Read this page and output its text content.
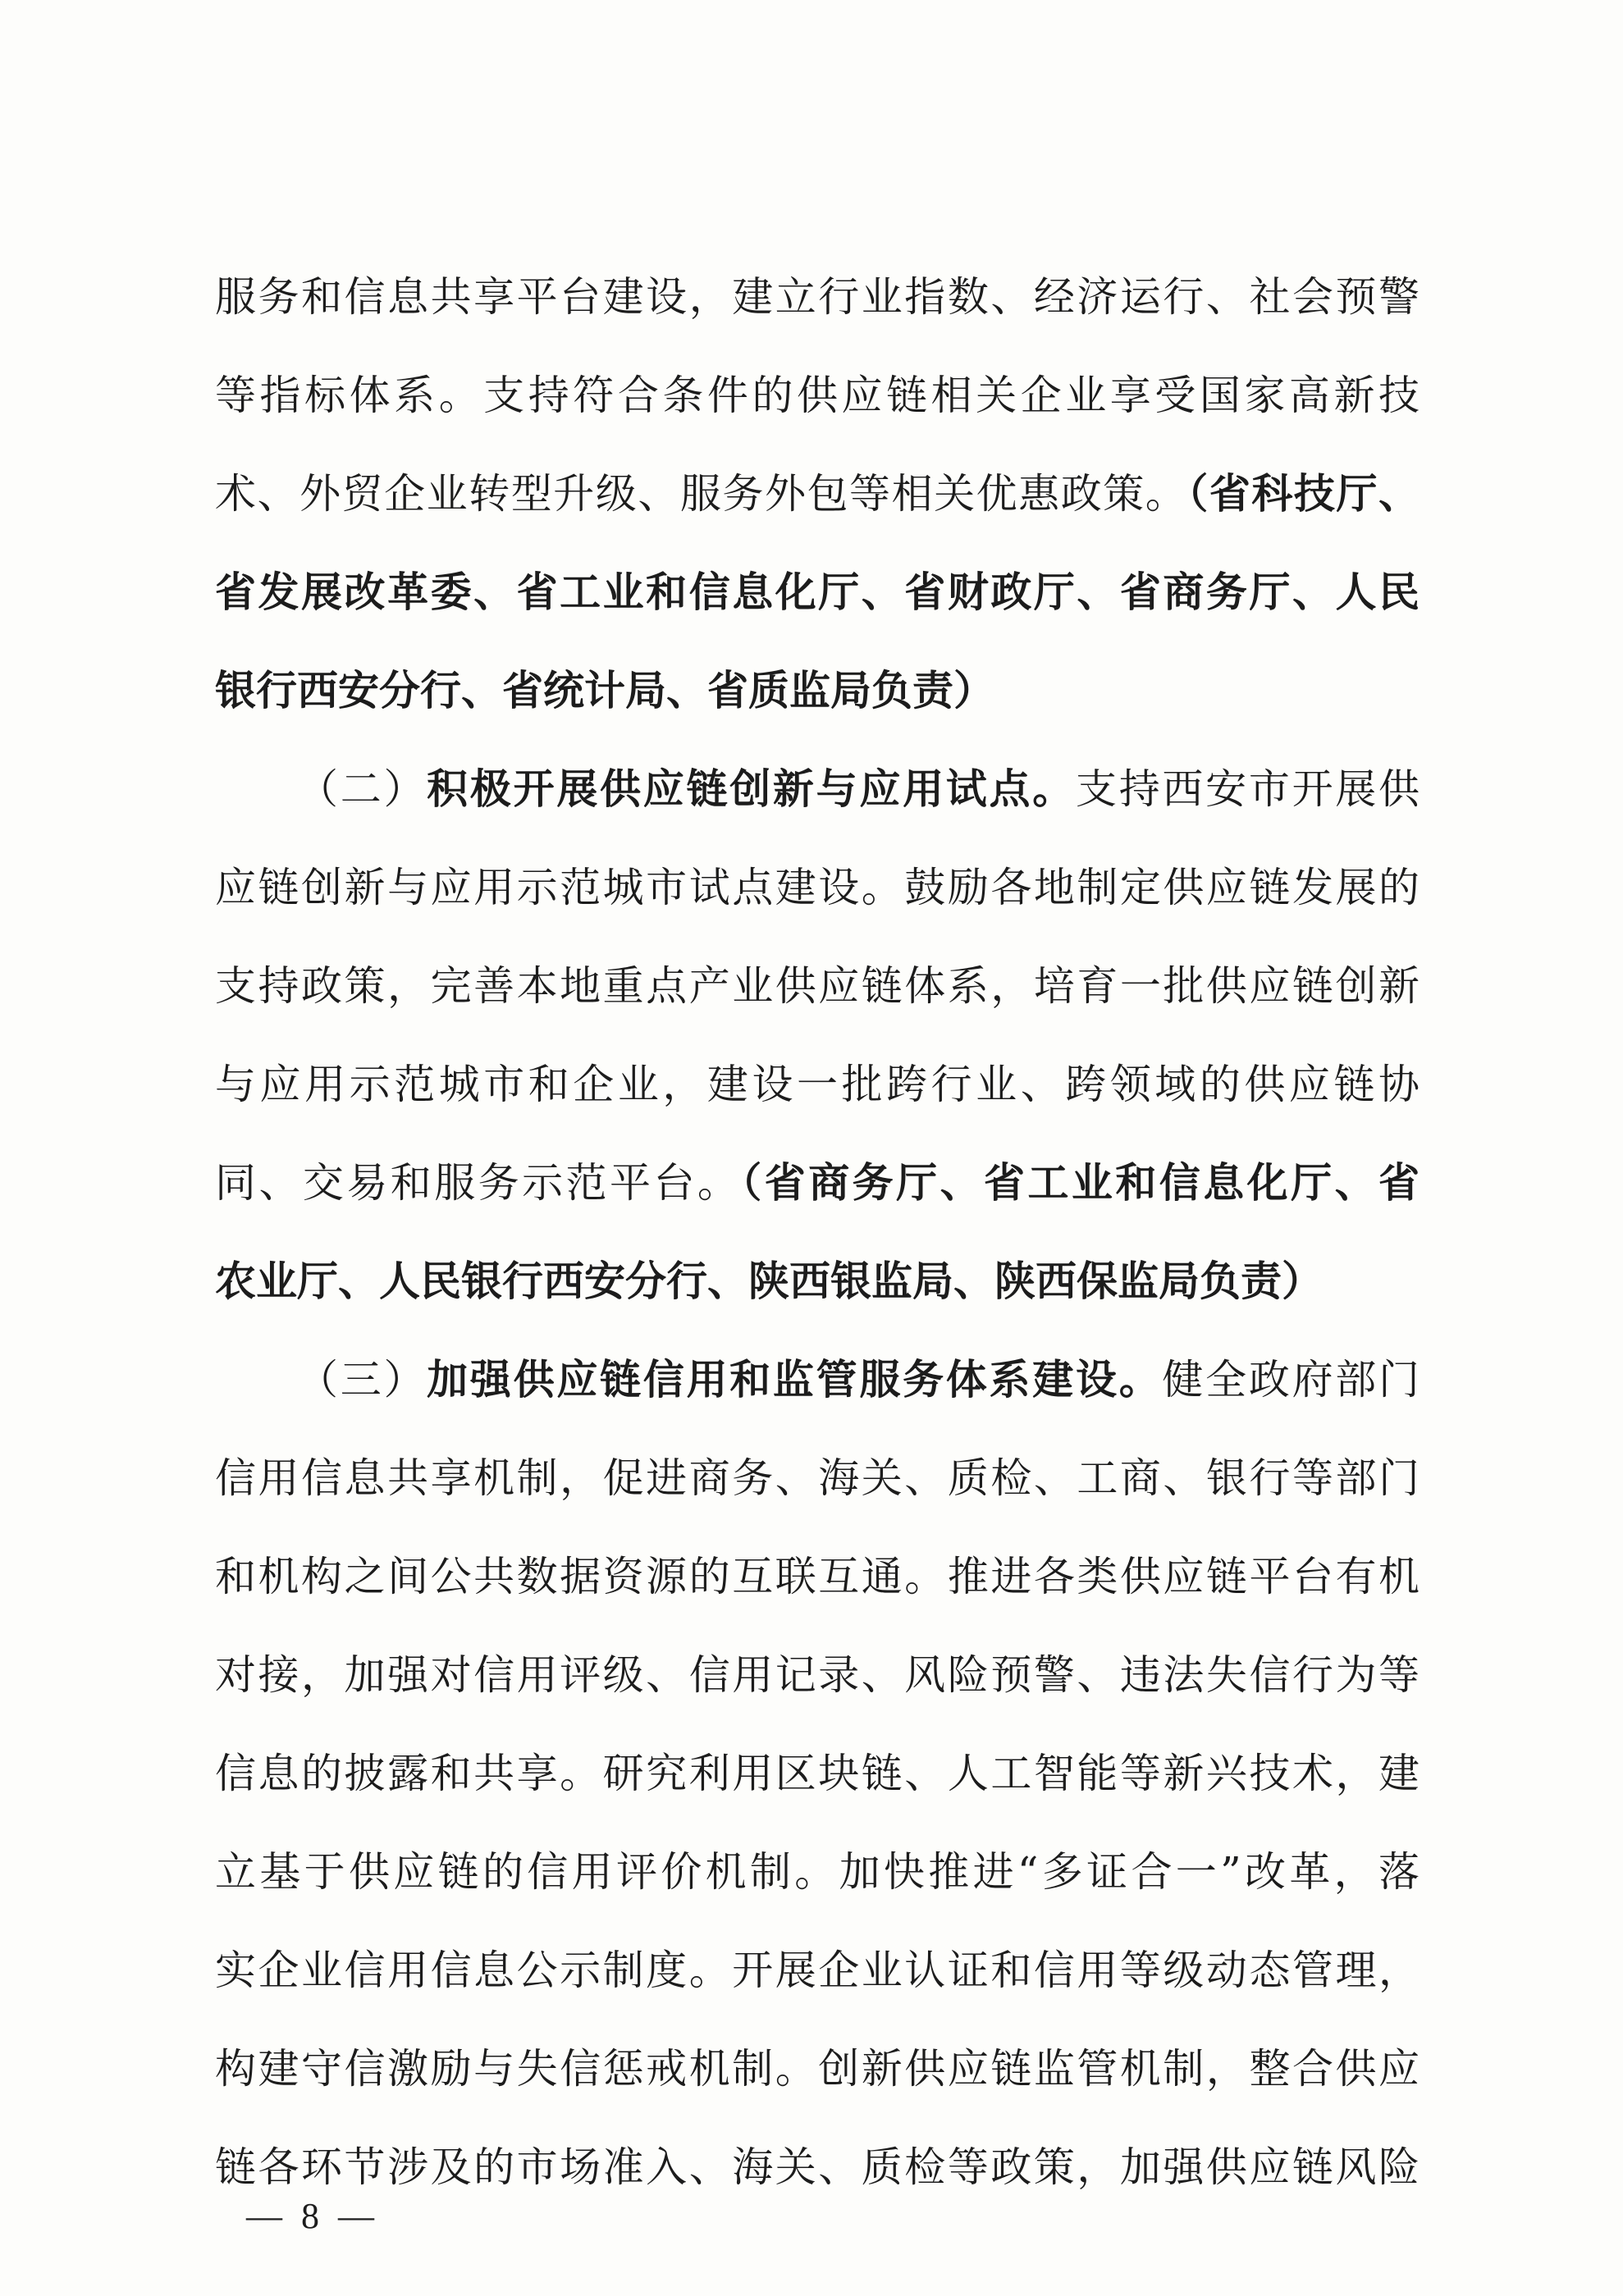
服务和信息共享平台建设，建立行业指数、经济运行、社会预警
等指标体系。支持符合条件的供应链相关企业享受国家高新技
术、外贸企业转型升级、服务外包等相关优惠政策。（省科技厅、
省发展改革委、省工业和信息化厅、省财政厅、省商务厅、人民
银行西安分行、省统计局、省质监局负责）
（二）积极开展供应链创新与应用试点。支持西安市开展供
应链创新与应用示范城市试点建设。鼓励各地制定供应链发展的
支持政策，完善本地重点产业供应链体系，培育一批供应链创新
与应用示范城市和企业，建设一批跨行业、跨领域的供应链协
同、交易和服务示范平台。（省商务厅、省工业和信息化厅、省
农业厅、人民银行西安分行、陕西银监局、陕西保监局负责）
（三）加强供应链信用和监管服务体系建设。健全政府部门
信用信息共享机制，促进商务、海关、质检、工商、银行等部门
和机构之间公共数据资源的互联互通。推进各类供应链平台有机
对接，加强对信用评级、信用记录、风险预警、违法失信行为等
信息的披露和共享。研究利用区块链、人工智能等新兴技术，建
立基于供应链的信用评价机制。加快推进“多证合一”改革，落
实企业信用信息公示制度。开展企业认证和信用等级动态管理，
构建守信激励与失信惩戒机制。创新供应链监管机制，整合供应
链各环节涉及的市场准入、海关、质检等政策，加强供应链风险
— 8 —
